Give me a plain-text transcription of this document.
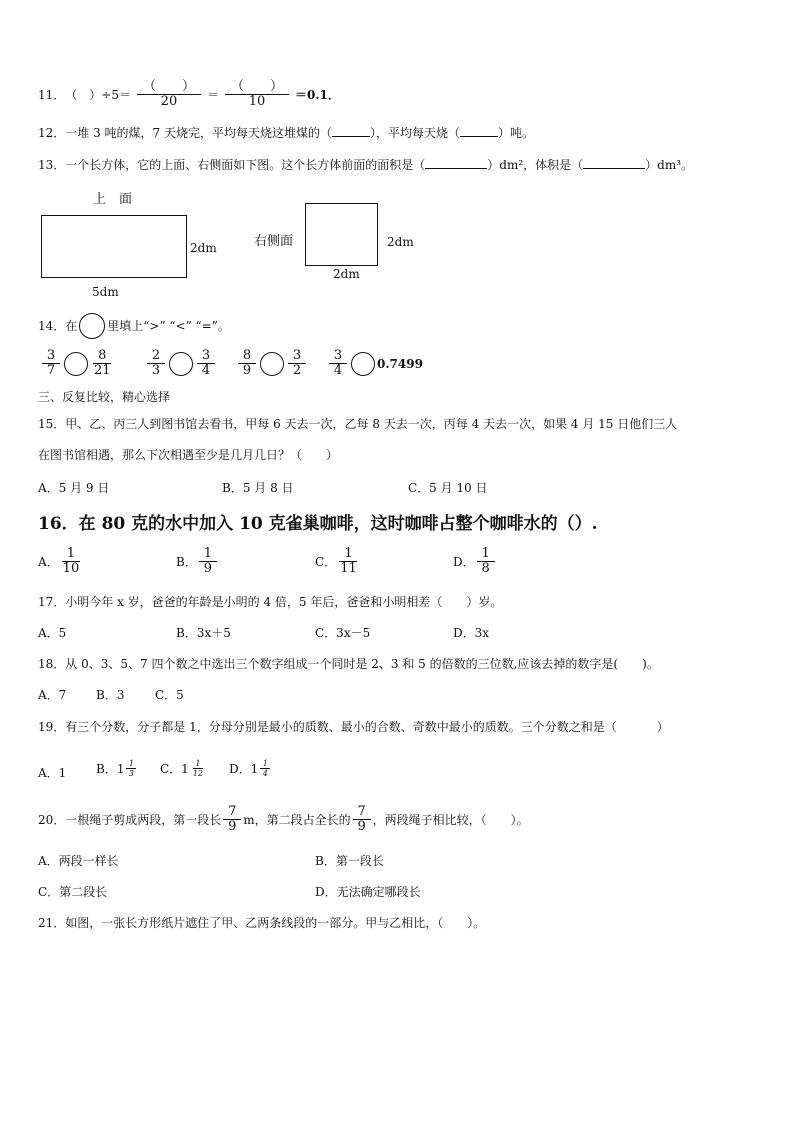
11． （　） $\div 5= \frac{( )}{20} = \frac{( )}{10} =0.1$．
12．一堆 3 吨的煤，7 天烧完，平均每天烧这堆煤的（	），平均每天烧（	）吨。
13．一个长方体，它的上面、右侧面如下图。这个长方体前面的面积是（	）dm²，体积是（	）dm³。
上　面
2dm
5dm
右侧面	2dm
2dm
14．在	里填上“>” “<” “=”。
$\frac{3}{7} \frac{8}{21}$	$\frac{2}{3} \frac{3}{4} \frac{8}{9} \frac{3}{2} \frac{3}{4}$	0.7499
三、反复比较，精心选择
15．甲、乙、丙三人到图书馆去看书，甲每 6 天去一次，乙每 8 天去一次，丙每 4 天去一次，如果 4 月 15 日他们三人
在图书馆相遇，那么下次相遇至少是几月几日？（　　）
A．5 月 9 日	B．5 月 8 日	C．5 月 10 日
16．在 80 克的水中加入 10 克雀巢咖啡，这时咖啡占整个咖啡水的（）.
A． $\frac{1}{10}$	B． $\frac{1}{9}$	C． $\frac{1}{11}$	D． $\frac{1}{8}$
17．小明今年 x 岁，爸爸的年龄是小明的 4 倍，5 年后，爸爸和小明相差（　　）岁。
A．5	B．3x＋5	C．3x－5	D．3x
18．从 0、3、5、7 四个数之中选出三个数字组成一个同时是 2、3 和 5 的倍数的三位数,应该去掉的数字是(　　)。
A．7 B．3	C．5
19．有三个分数，分子都是 1，分母分别是最小的质数、最小的合数、奇数中最小的质数。三个分数之和是（	）
A．1 B．$1 \frac{1}{3}$ C．$1 \frac{1}{12}$ D．$1 \frac{1}{4}$
20．一根绳子剪成两段，第一段长 $\frac{7}{9}$ m，第二段占全长的 $\frac{7}{9}$ ，两段绳子相比较，（　　）。
A．两段一样长	B．第一段长
C．第二段长	D．无法确定哪段长
21．如图，一张长方形纸片遮住了甲、乙两条线段的一部分。甲与乙相比，（　　）。
